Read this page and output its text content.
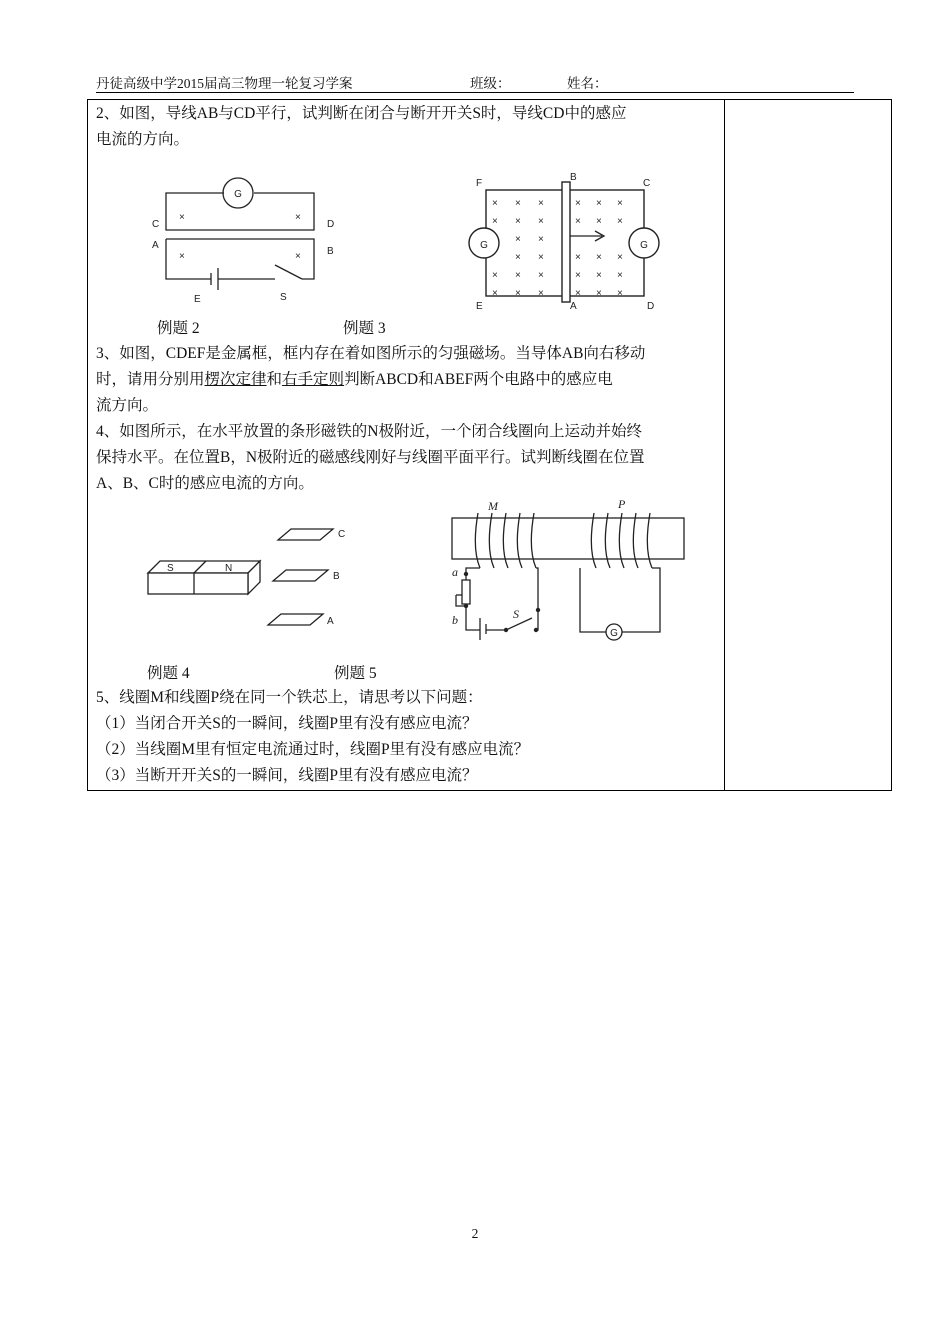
丹徒高级中学2015届高三物理一轮复习学案	班级：	姓名：

2、如图，导线AB与CD平行，试判断在闭合与断开开关S时，导线CD中的感应

电流的方向。

3、如图，CDEF是金属框，框内存在着如图所示的匀强磁场。当导体AB向右移动

时，请用分别用楞次定律和右手定则判断ABCD和ABEF两个电路中的感应电

流方向。

4、如图所示，在水平放置的条形磁铁的N极附近，一个闭合线圈向上运动并始终

保持水平。在位置B，N极附近的磁感线刚好与线圈平面平行。试判断线圈在位置

A、B、C时的感应电流的方向。

5、线圈M和线圈P绕在同一个铁芯上，请思考以下问题：

（1）当闭合开关S的一瞬间，线圈P里有没有感应电流？

（2）当线圈M里有恒定电流通过时，线圈P里有没有感应电流？

（3）当断开开关S的一瞬间，线圈P里有没有感应电流？

G
×	×
×	×
C	D
A
B
E	S
G	G
× × ×
× × ×
× ×
× ×
× × ×
× × ×
× × ×
× × ×
× × ×
× × ×
× × ×
F
B
C
E	A	D
例题 2	例题 3
S	N
C
B
A
M	P
a
b	S
G
例题 4	例题 5
2
